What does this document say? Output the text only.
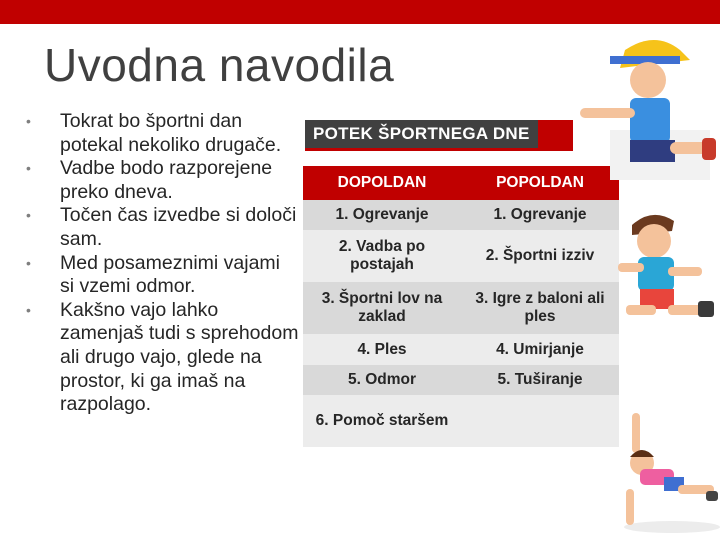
Uvodna navodila
• Tokrat bo športni dan potekal nekoliko drugače.
• Vadbe bodo razporejene preko dneva.
• Točen čas izvedbe si določi sam.
• Med posameznimi vajami si vzemi odmor.
• Kakšno vajo lahko zamenjaš tudi s sprehodom ali drugo vajo, glede na prostor, ki ga imaš na razpolago.
POTEK ŠPORTNEGA DNE
DOPOLDAN	POPOLDAN
1. Ogrevanje	1. Ogrevanje
2. Vadba po postajah	2. Športni izziv
3. Športni lov na zaklad	3. Igre z baloni ali ples
4. Ples	4. Umirjanje
5. Odmor	5. Tuširanje
6. Pomoč staršem	
